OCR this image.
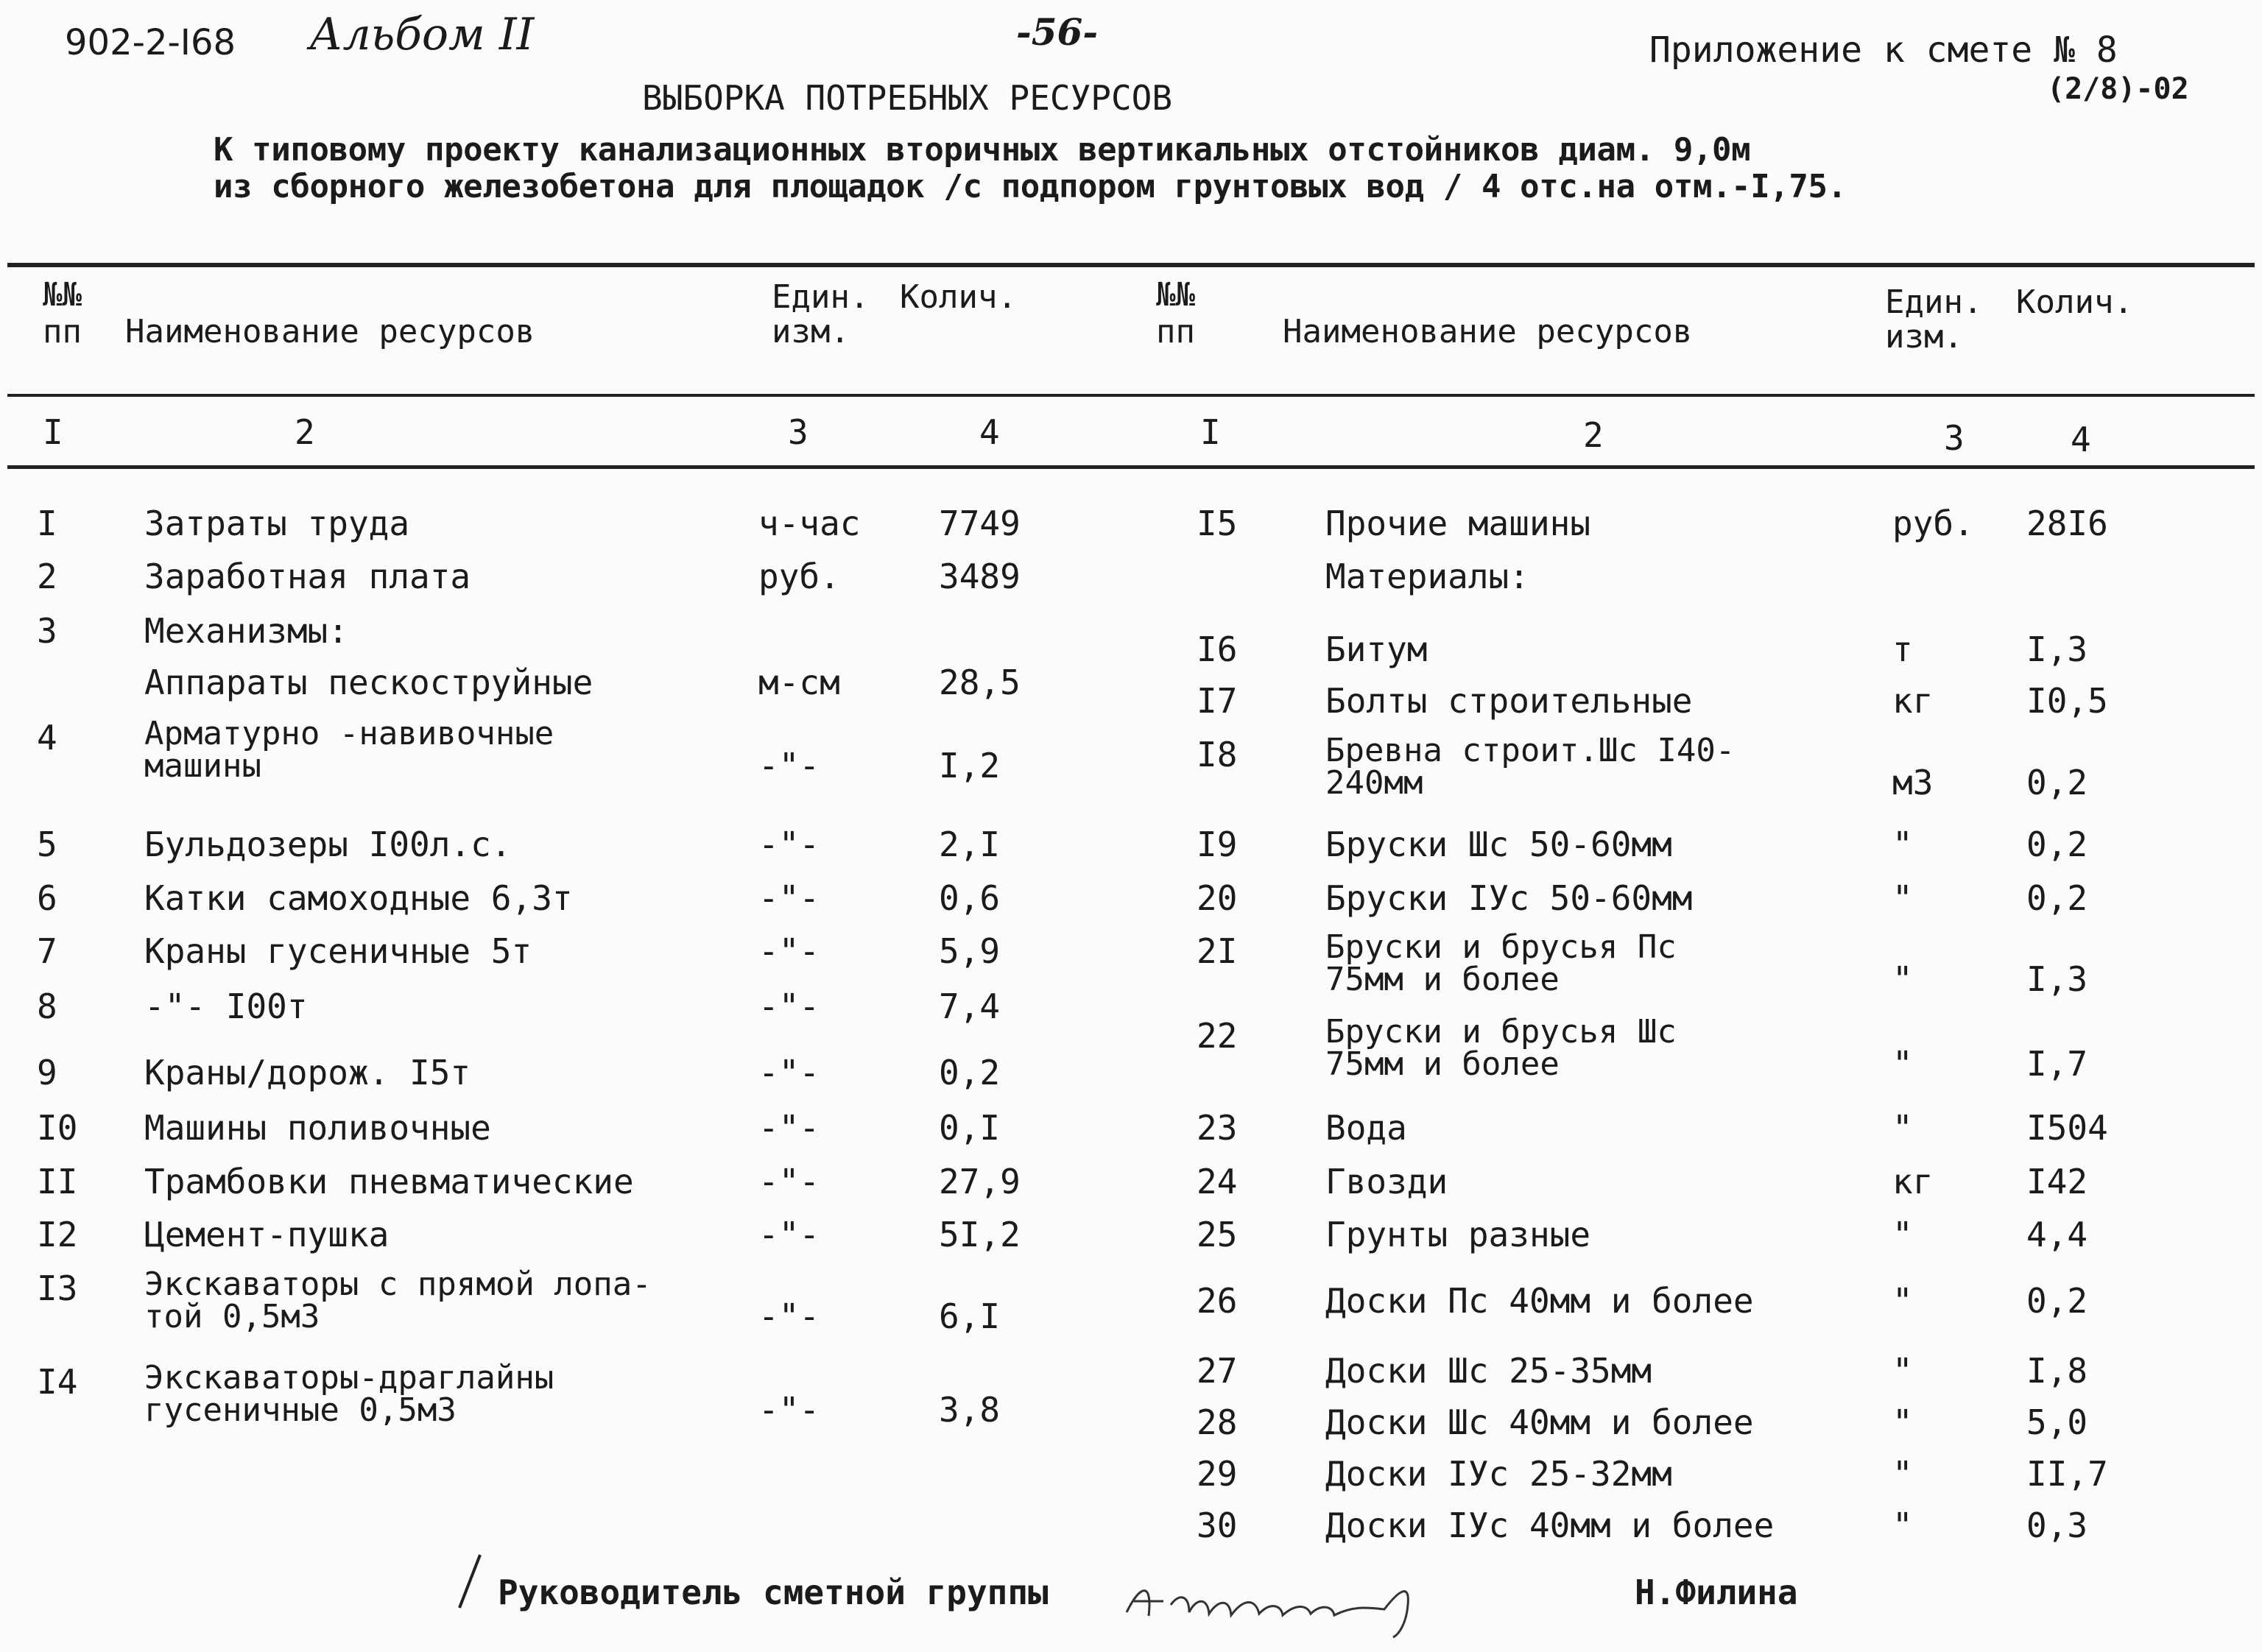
902-2-I68 Альбом II	-56-	Приложение к смете № 8
(2/8)-02
ВЫБОРКА ПОТРЕБНЫХ РЕСУРСОВ
К типовому проекту канализационных вторичных вертикальных отстойников диам. 9,0м
из сборного железобетона для площадок /с подпором грунтовых вод / 4 отс.на отм.-I,75.
№№
пп Наименование ресурсов
Един.
изм.
Колич.	№№
пп	Наименование ресурсов
Един.
изм.
Колич.
I	2	3	4	I	2	3	4
I	Затраты труда	ч-час 7749
2	Заработная плата	руб.	3489
3	Механизмы:
Аппараты пескоструйные	м-см	28,5
4	Арматурно -навивочные
машины	-"-	I,2
5	Бульдозеры I00л.с.	-"-	2,I
6	Катки самоходные 6,3т	-"-	0,6
7	Краны гусеничные 5т	-"-	5,9
8	-"- I00т	-"-	7,4
9	Краны/дорож. I5т	-"-	0,2
I0 Машины поливочные	-"-	0,I
II Трамбовки пневматические	-"-	27,9
I2 Цемент-пушка	-"-	5I,2
I3 Экскаваторы с прямой лопа-
той 0,5м3	-"-	6,I
I4 Экскаваторы-драглайны
гусеничные 0,5м3	-"-	3,8
I5	Прочие машины	руб. 28I6
Материалы:
I6	Битум	т	I,3
I7	Болты строительные	кг	I0,5
I8	Бревна строит.Шс I40-
240мм	м3	0,2
I9	Бруски Шс 50-60мм	"	0,2
20	Бруски IУс 50-60мм	"	0,2
2I	Бруски и брусья Пс
75мм и более	"	I,3
22	Бруски и брусья Шс
75мм и более	"	I,7
23	Вода	"	I504
24	Гвозди	кг	I42
25	Грунты разные	"	4,4
26	Доски Пс 40мм и более	"	0,2
27	Доски Шс 25-35мм	"	I,8
28	Доски Шс 40мм и более	"	5,0
29	Доски IУс 25-32мм	"	II,7
30	Доски IУс 40мм и более	"	0,3
Руководитель сметной группы	Н.Филина
